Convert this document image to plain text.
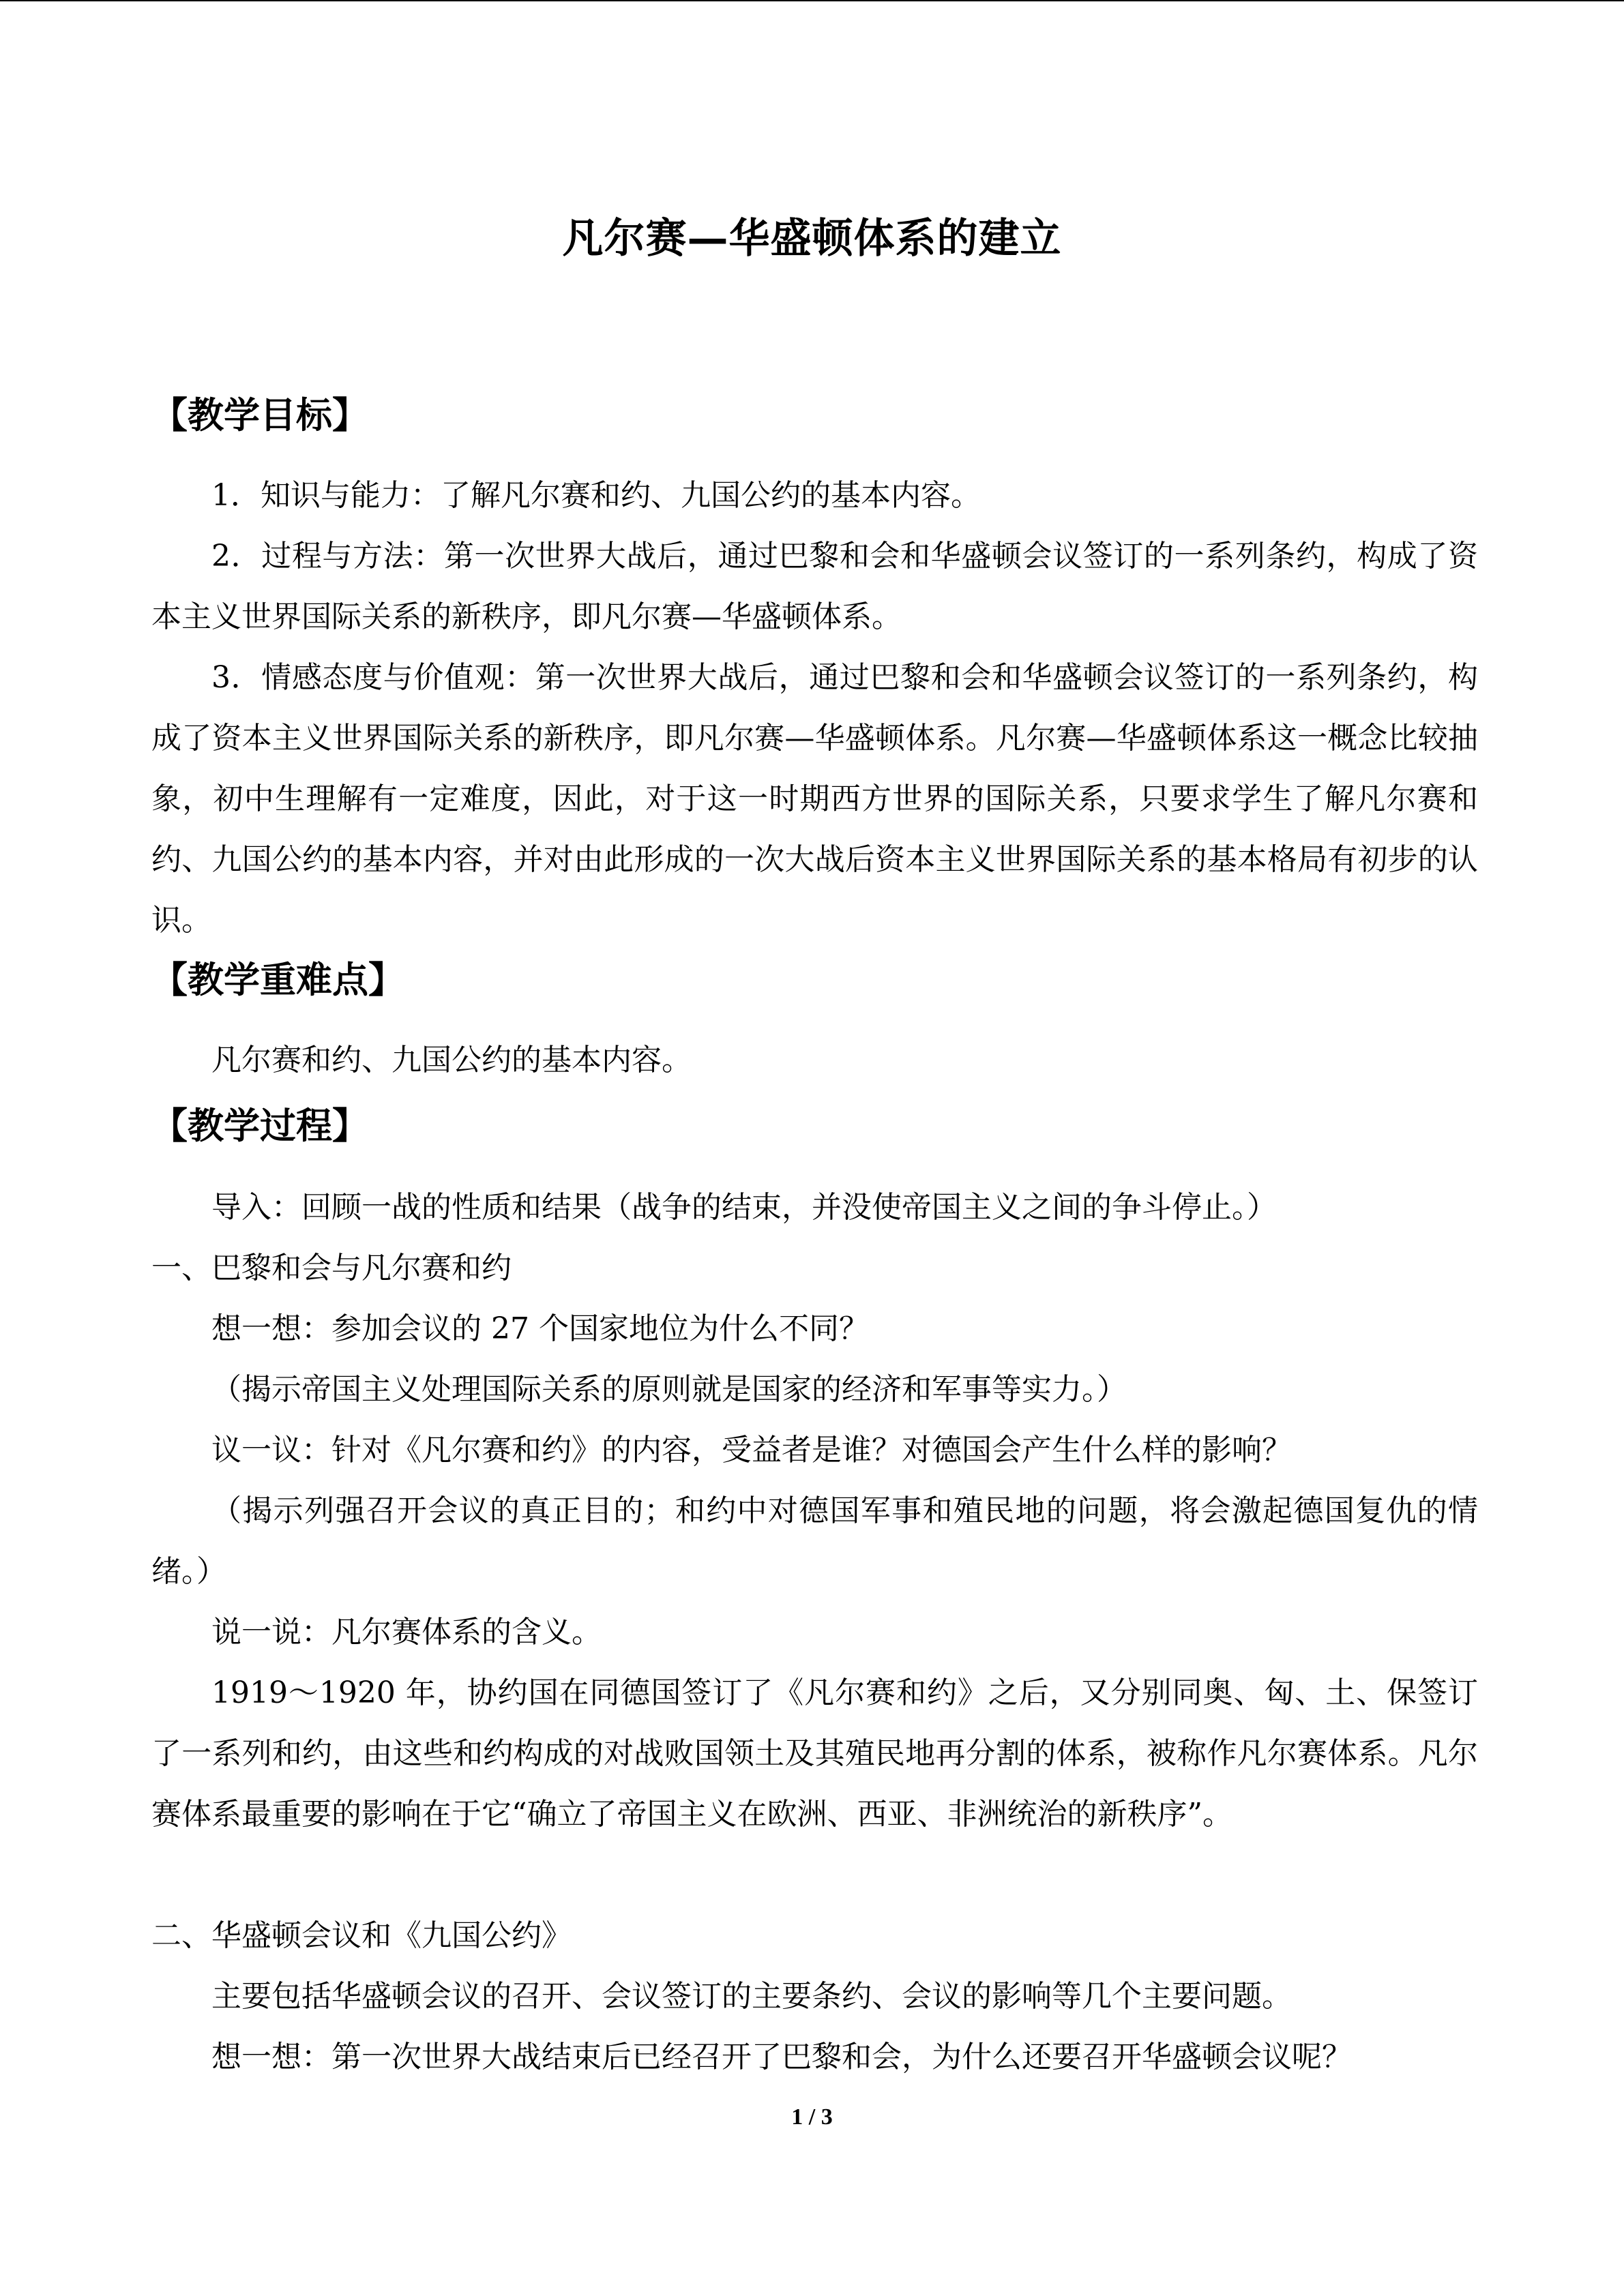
凡尔赛—华盛顿体系的建立
【教学目标】

1．知识与能力：了解凡尔赛和约、九国公约的基本内容。

2．过程与方法：第一次世界大战后，通过巴黎和会和华盛顿会议签订的一系列条约，构成了资本主义世界国际关系的新秩序，即凡尔赛—华盛顿体系。

3．情感态度与价值观：第一次世界大战后，通过巴黎和会和华盛顿会议签订的一系列条约，构成了资本主义世界国际关系的新秩序，即凡尔赛—华盛顿体系。凡尔赛—华盛顿体系这一概念比较抽象，初中生理解有一定难度，因此，对于这一时期西方世界的国际关系，只要求学生了解凡尔赛和约、九国公约的基本内容，并对由此形成的一次大战后资本主义世界国际关系的基本格局有初步的认识。

【教学重难点】

凡尔赛和约、九国公约的基本内容。

【教学过程】

导入：回顾一战的性质和结果（战争的结束，并没使帝国主义之间的争斗停止。）

一、巴黎和会与凡尔赛和约

想一想：参加会议的 27 个国家地位为什么不同？

（揭示帝国主义处理国际关系的原则就是国家的经济和军事等实力。）

议一议：针对《凡尔赛和约》的内容，受益者是谁？对德国会产生什么样的影响？

（揭示列强召开会议的真正目的；和约中对德国军事和殖民地的问题，将会激起德国复仇的情绪。）

说一说：凡尔赛体系的含义。

1919～1920 年，协约国在同德国签订了《凡尔赛和约》之后，又分别同奥、匈、土、保签订了一系列和约，由这些和约构成的对战败国领土及其殖民地再分割的体系，被称作凡尔赛体系。凡尔赛体系最重要的影响在于它“确立了帝国主义在欧洲、西亚、非洲统治的新秩序”。

二、华盛顿会议和《九国公约》

主要包括华盛顿会议的召开、会议签订的主要条约、会议的影响等几个主要问题。

想一想：第一次世界大战结束后已经召开了巴黎和会，为什么还要召开华盛顿会议呢？

1 / 3
